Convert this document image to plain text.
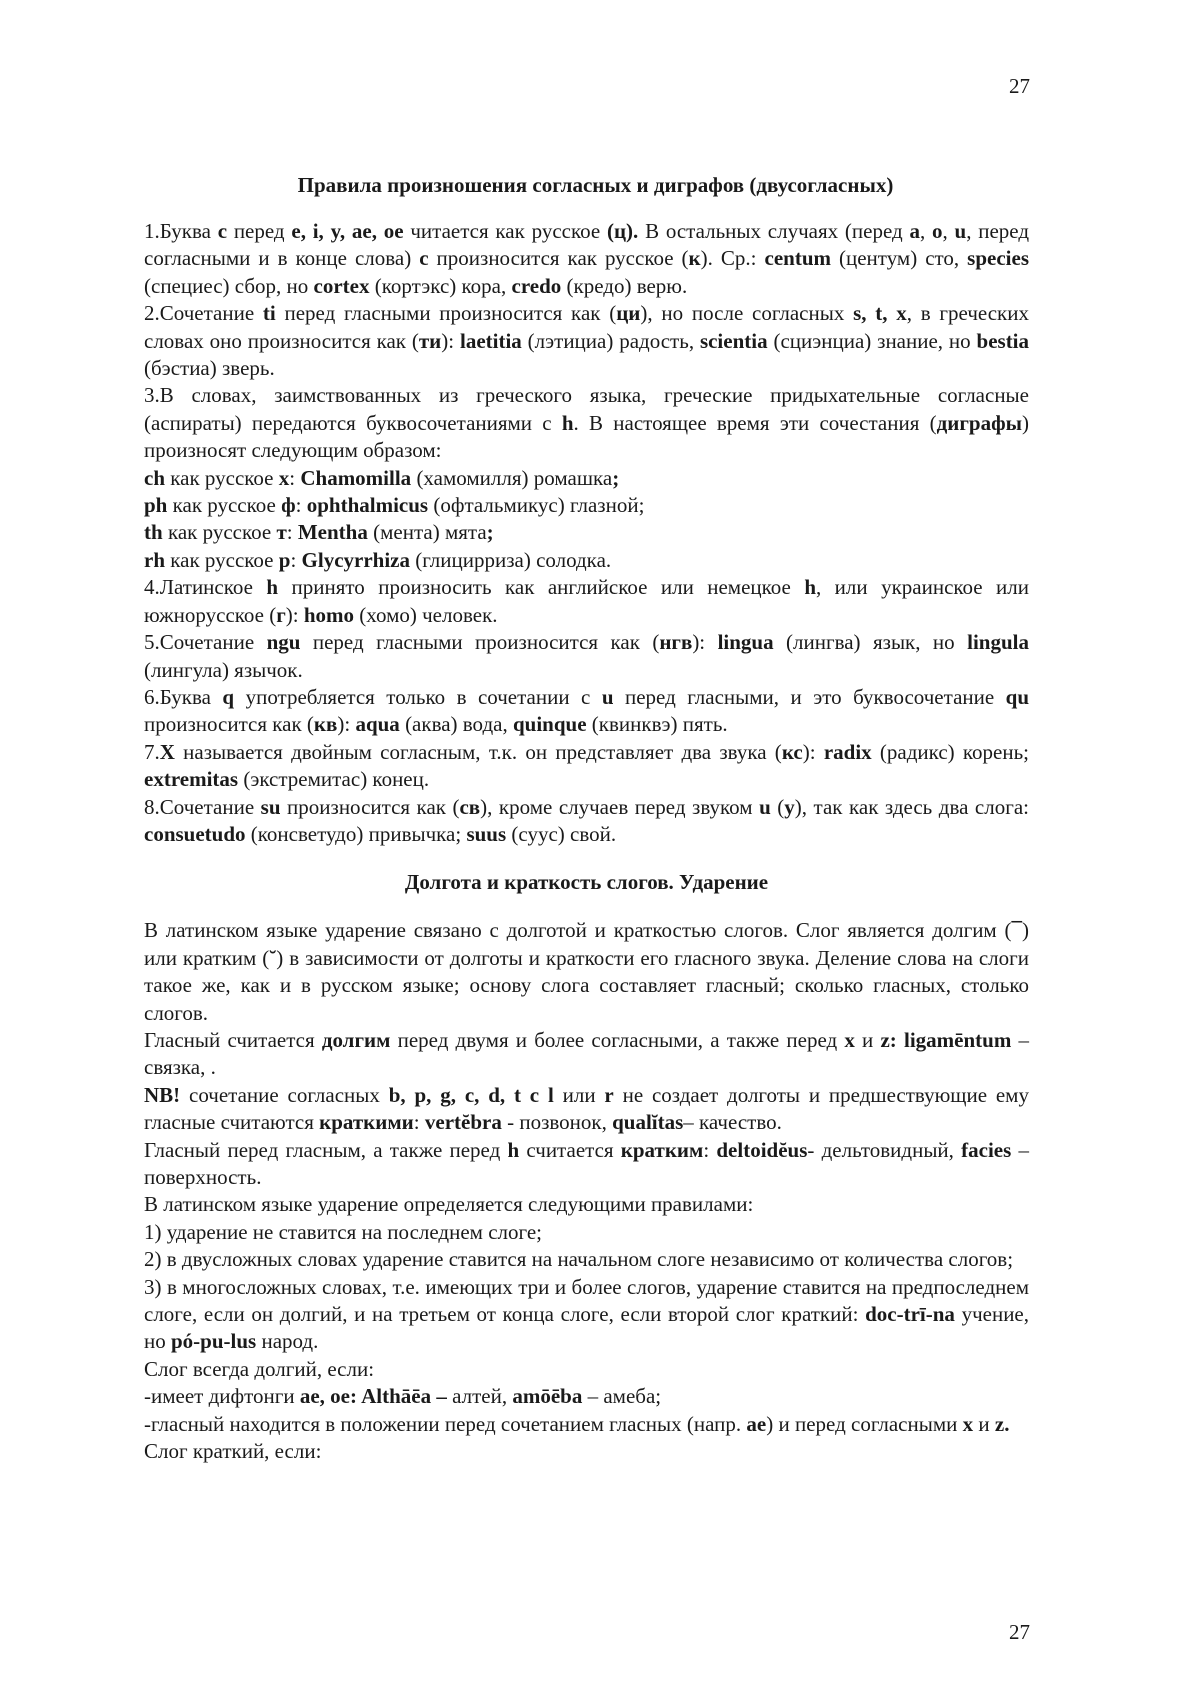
27
Правила произношения согласных и диграфов (двусогласных)

1.Буква с перед e, i, y, ae, oe читается как русское (ц). В остальных случаях (перед a, o, u, перед согласными и в конце слова) с произносится как русское (к). Ср.: centum (центум) сто, species (специес) сбор, но cortex (кортэкс) кора, credo (кредо) верю.

2.Сочетание ti перед гласными произносится как (ци), но после согласных s, t, x, в греческих словах оно произносится как (ти): laetitia (лэтициа) радость, scientia (сциэнциа) знание, но bestia (бэстиа) зверь.

3.В словах, заимствованных из греческого языка, греческие придыхательные согласные (аспираты) передаются буквосочетаниями с h. В настоящее время эти сочестания (диграфы) произносят следующим образом:

ch как русское x: Chamomilla (хамомилля) ромашка;

ph как русское ф: ophthalmicus (офтальмикус) глазной;

th как русское т: Mentha (мента) мята;

rh как русское р: Glycyrrhiza (глицирриза) солодка.

4.Латинское h принято произносить как английское или немецкое h, или украинское или южнорусское (г): homo (хомо) человек.

5.Сочетание ngu перед гласными произносится как (нгв): lingua (лингва) язык, но lingula (лингула) язычок.

6.Буква q употребляется только в сочетании с u перед гласными, и это буквосочетание qu произносится как (кв): aqua (аква) вода, quinque (квинквэ) пять.

7.X называется двойным согласным, т.к. он представляет два звука (кс): radix (радикс) корень; extremitas (экстремитас) конец.

8.Сочетание su произносится как (св), кроме случаев перед звуком u (у), так как здесь два слога: consuetudo (консветудо) привычка; suus (суус) свой.

Долгота и краткость слогов. Ударение

В латинском языке ударение связано с долготой и краткостью слогов. Слог является долгим (¯) или кратким (˘) в зависимости от долготы и краткости его гласного звука. Деление слова на слоги такое же, как и в русском языке; основу слога составляет гласный; сколько гласных, столько слогов.

Гласный считается долгим перед двумя и более согласными, а также перед x и z: ligamēntum – связка, .

NB! сочетание согласных b, p, g, c, d, t c l или r не создает долготы и предшествующие ему гласные считаются краткими: vertĕbra - позвонок, qualĭtas– качество.

Гласный перед гласным, а также перед h считается кратким: deltoidĕus- дельтовидный, facies – поверхность.

В латинском языке ударение определяется следующими правилами:

1) ударение не ставится на последнем слоге;

2) в двусложных словах ударение ставится на начальном слоге независимо от количества слогов;

3) в многосложных словах, т.е. имеющих три и более слогов, ударение ставится на предпоследнем слоге, если он долгий, и на третьем от конца слоге, если второй слог краткий: doc-trī-na учение, но pó-pu-lus народ.

Слог всегда долгий, если:

-имеет дифтонги ae, oe: Althāēa – алтей, amōēba – амеба;

-гласный находится в положении перед сочетанием гласных (напр. ae) и перед согласными x и z.

Слог краткий, если:

27
